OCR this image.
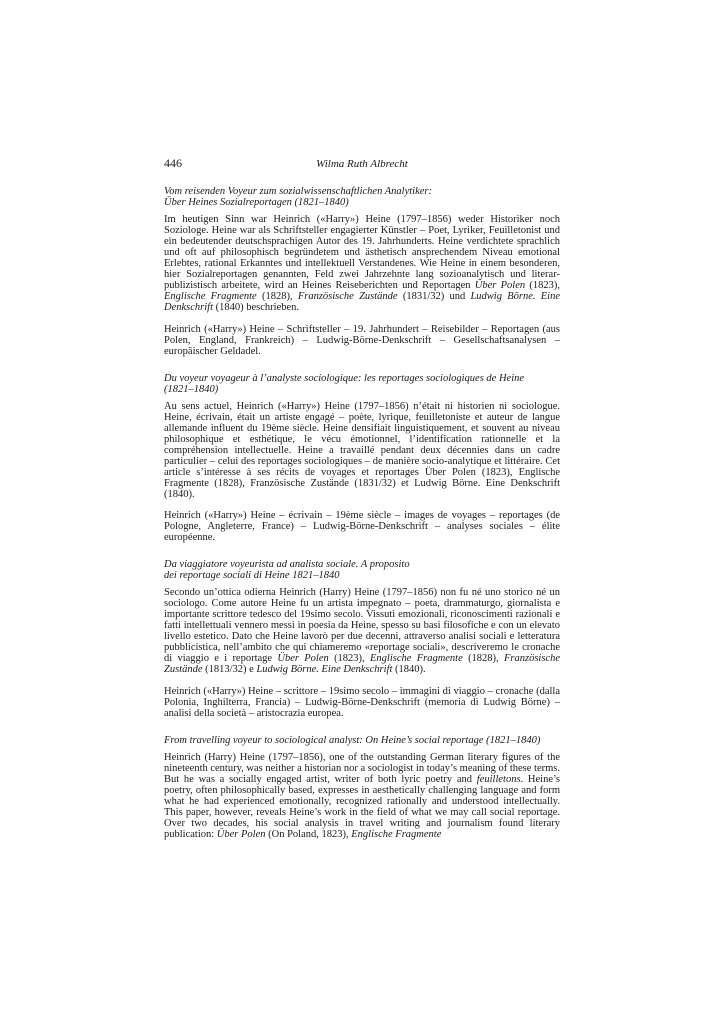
446	Wilma Ruth Albrecht
Vom reisenden Voyeur zum sozialwissenschaftlichen Analytiker:
Über Heines Sozialreportagen (1821–1840)

Im heutigen Sinn war Heinrich («Harry») Heine (1797–1856) weder Historiker noch Soziologe. Heine war als Schriftsteller engagierter Künstler – Poet, Lyriker, Feuilletonist und ein bedeutender deutschsprachigen Autor des 19. Jahrhunderts. Heine verdichtete sprachlich und oft auf philosophisch begründetem und ästhetisch ansprechendem Niveau emotional Erlebtes, rational Erkanntes und intellektuell Verstandenes. Wie Heine in einem besonderen, hier Sozialreportagen genannten, Feld zwei Jahrzehnte lang sozioanalytisch und literar-publizistisch arbeitete, wird an Heines Reiseberichten und Reportagen Über Polen (1823), Englische Fragmente (1828), Französische Zustände (1831/32) und Ludwig Börne. Eine Denkschrift (1840) beschrieben.

Heinrich («Harry») Heine – Schriftsteller – 19. Jahrhundert – Reisebilder – Reportagen (aus Polen, England, Frankreich) – Ludwig-Börne-Denkschrift – Gesellschaftsanalysen – europäischer Geldadel.

Du voyeur voyageur à l’analyste sociologique: les reportages sociologiques de Heine
(1821–1840)

Au sens actuel, Heinrich («Harry») Heine (1797–1856) n’était ni historien ni sociologue. Heine, écrivain, était un artiste engagé – poète, lyrique, feuilletoniste et auteur de langue allemande influent du 19ème siècle. Heine densifiait linguistiquement, et souvent au niveau philosophique et esthétique, le vécu émotionnel, l’identification rationnelle et la compréhension intellectuelle. Heine a travaillé pendant deux décennies dans un cadre particulier – celui des reportages sociologiques – de manière socio-analytique et littéraire. Cet article s’intéresse à ses récits de voyages et reportages Über Polen (1823), Englische Fragmente (1828), Französische Zustände (1831/32) et Ludwig Börne. Eine Denkschrift (1840).

Heinrich («Harry») Heine – écrivain – 19ème siècle – images de voyages – reportages (de Pologne, Angleterre, France) – Ludwig-Börne-Denkschrift – analyses sociales – élite européenne.

Da viaggiatore voyeurista ad analista sociale. A proposito
dei reportage sociali di Heine 1821–1840

Secondo un’ottica odierna Heinrich (Harry) Heine (1797–1856) non fu né uno storico né un sociologo. Come autore Heine fu un artista impegnato – poeta, drammaturgo, giornalista e importante scrittore tedesco del 19simo secolo. Vissuti emozionali, riconoscimenti razionali e fatti intellettuali vennero messi in poesia da Heine, spesso su basi filosofiche e con un elevato livello estetico. Dato che Heine lavorò per due decenni, attraverso analisi sociali e letteratura pubblicistica, nell’ambito che qui chiameremo «reportage sociali», descriveremo le cronache di viaggio e i reportage Über Polen (1823), Englische Fragmente (1828), Französische Zustände (1813/32) e Ludwig Börne. Eine Denkschrift (1840).

Heinrich («Harry») Heine – scrittore – 19simo secolo – immagini di viaggio – cronache (dalla Polonia, Inghilterra, Francia) – Ludwig-Börne-Denkschrift (memoria di Ludwig Börne) – analisi della società – aristocrazia europea.

From travelling voyeur to sociological analyst: On Heine’s social reportage (1821–1840)

Heinrich (Harry) Heine (1797–1856), one of the outstanding German literary figures of the nineteenth century, was neither a historian nor a sociologist in today’s meaning of these terms. But he was a socially engaged artist, writer of both lyric poetry and feuilletons. Heine’s poetry, often philosophically based, expresses in aesthetically challenging language and form what he had experienced emotionally, recognized rationally and understood intellectually. This paper, however, reveals Heine’s work in the field of what we may call social reportage. Over two decades, his social analysis in travel writing and journalism found literary publication: Über Polen (On Poland, 1823), Englische Fragmente
